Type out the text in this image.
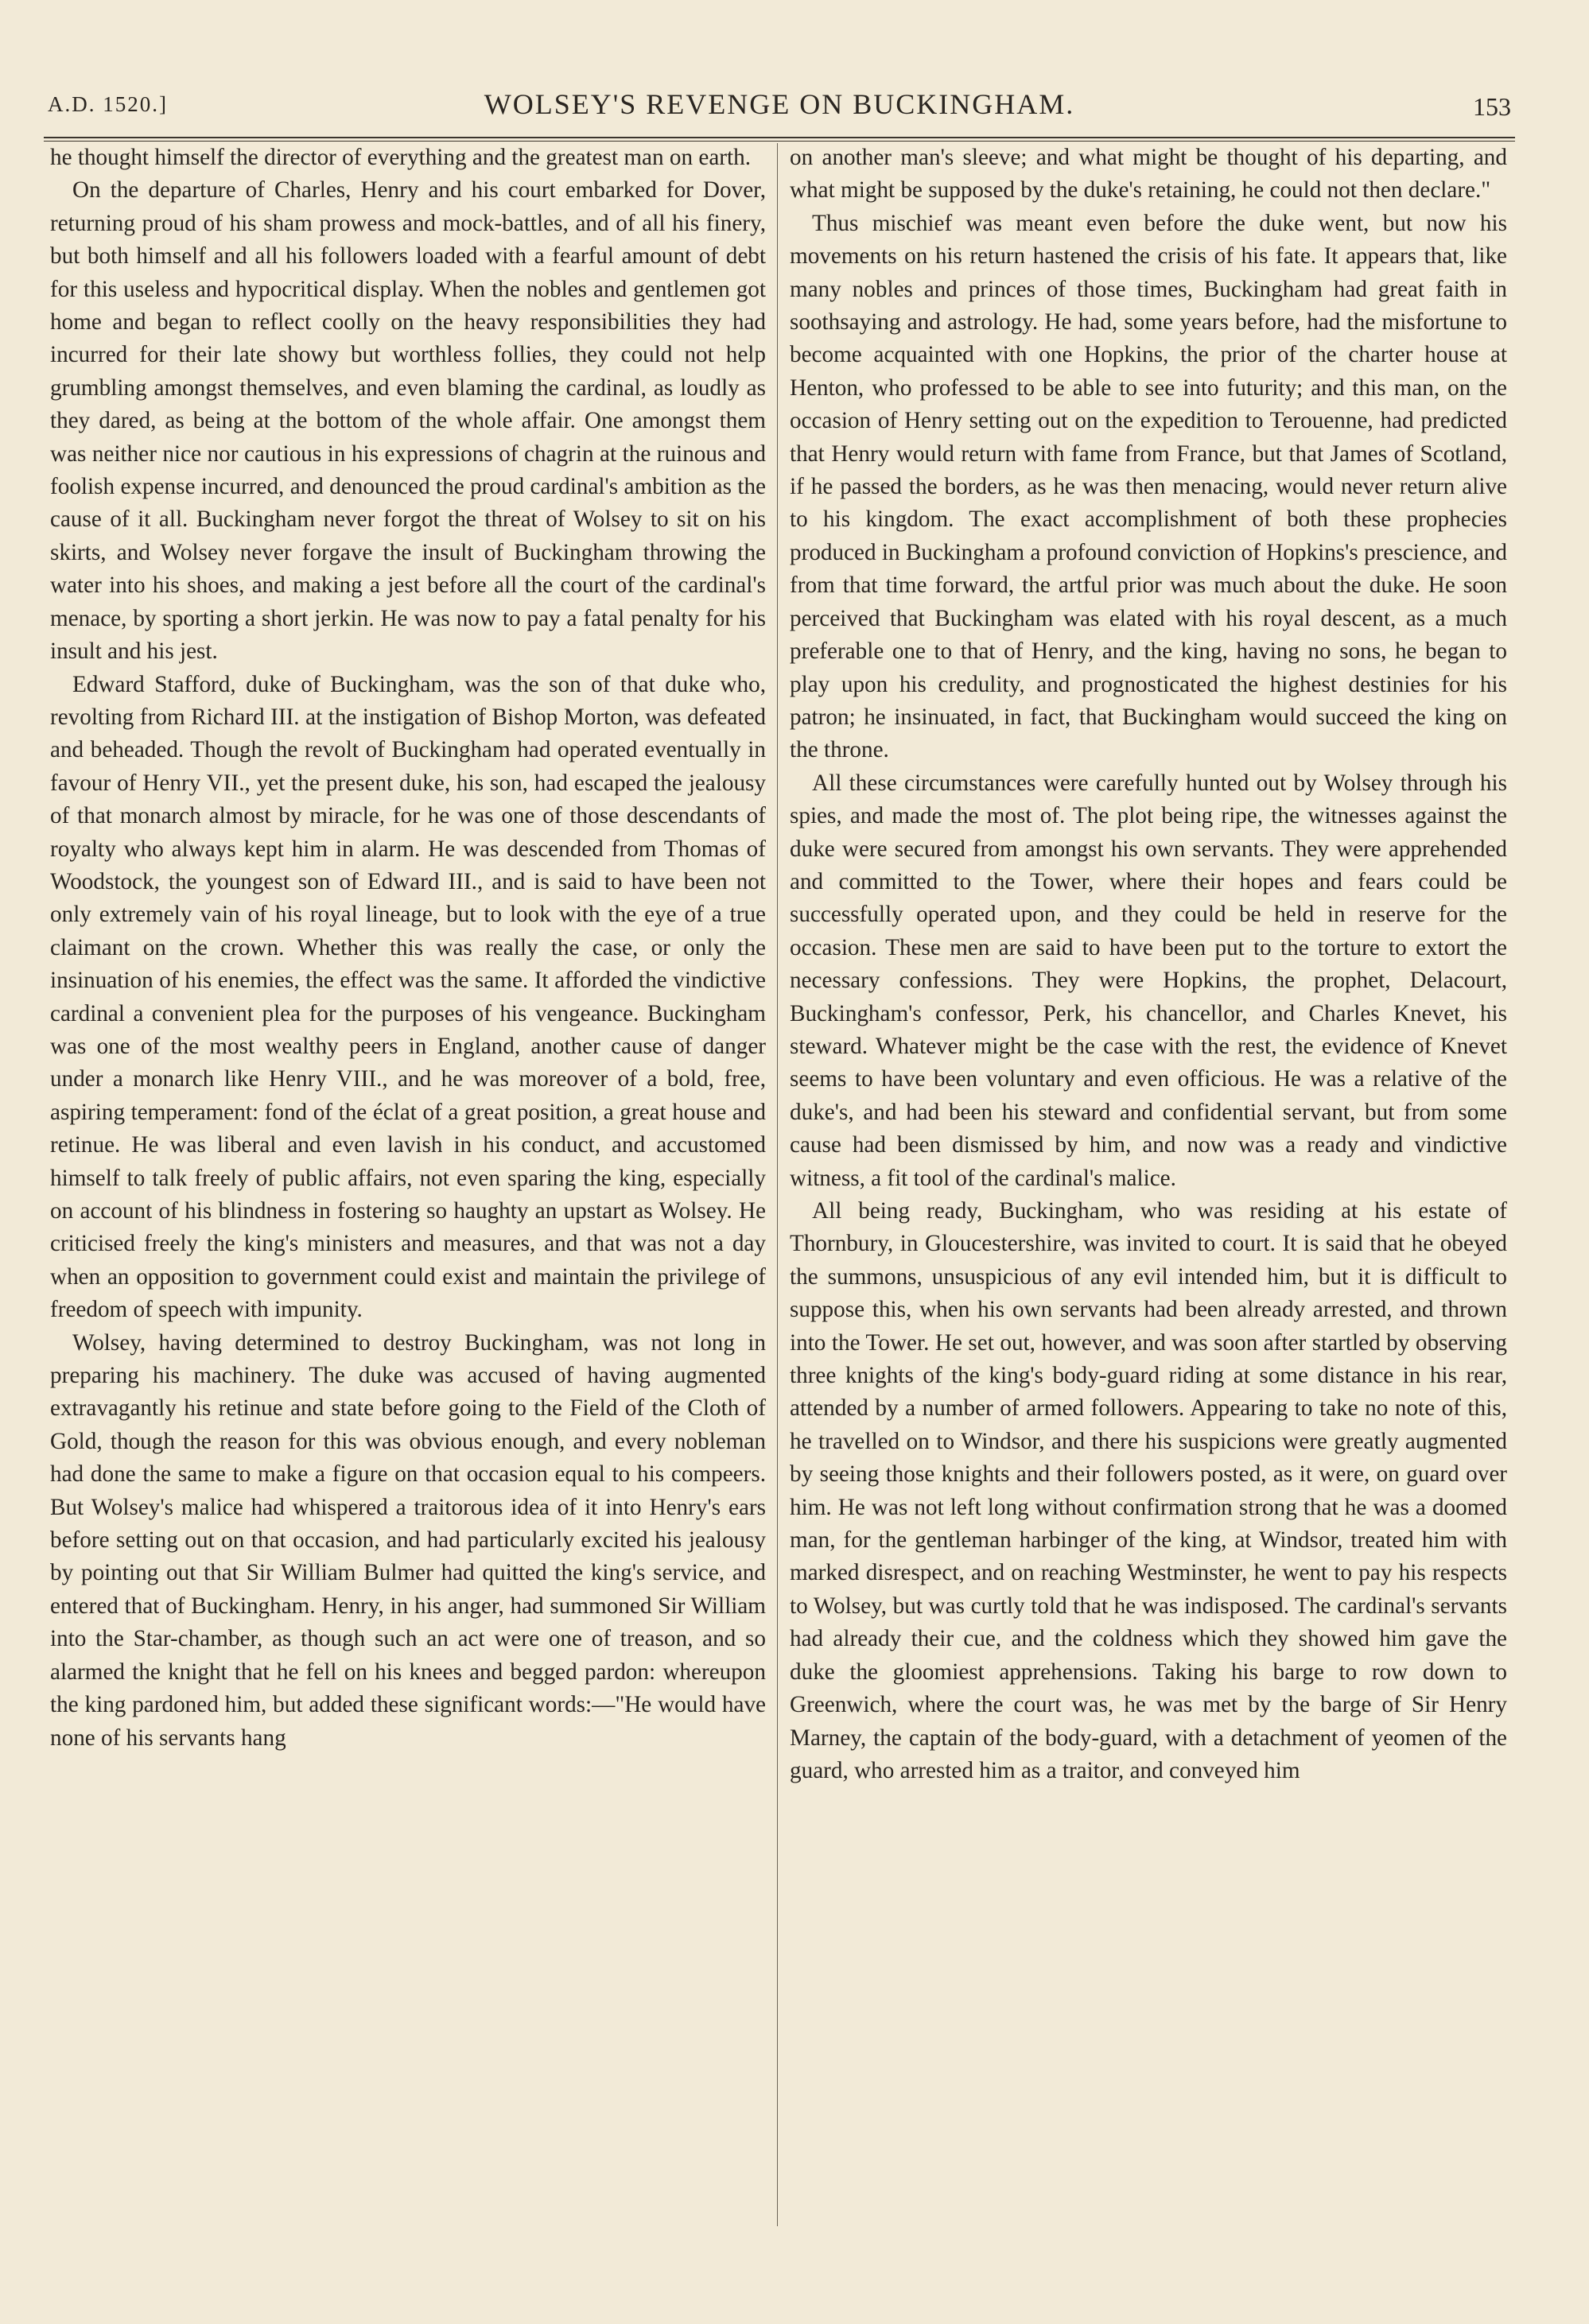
A.D. 1520.]	WOLSEY'S REVENGE ON BUCKINGHAM.	153

he thought himself the director of everything and the greatest man on earth.

On the departure of Charles, Henry and his court embarked for Dover, returning proud of his sham prowess and mock-battles, and of all his finery, but both himself and all his followers loaded with a fearful amount of debt for this useless and hypocritical display. When the nobles and gentlemen got home and began to reflect coolly on the heavy responsibilities they had incurred for their late showy but worthless follies, they could not help grumbling amongst themselves, and even blaming the cardinal, as loudly as they dared, as being at the bottom of the whole affair. One amongst them was neither nice nor cautious in his expressions of chagrin at the ruinous and foolish expense incurred, and denounced the proud cardinal's ambition as the cause of it all. Buckingham never forgot the threat of Wolsey to sit on his skirts, and Wolsey never forgave the insult of Buckingham throwing the water into his shoes, and making a jest before all the court of the cardinal's menace, by sporting a short jerkin. He was now to pay a fatal penalty for his insult and his jest.

Edward Stafford, duke of Buckingham, was the son of that duke who, revolting from Richard III. at the instigation of Bishop Morton, was defeated and beheaded. Though the revolt of Buckingham had operated eventually in favour of Henry VII., yet the present duke, his son, had escaped the jealousy of that monarch almost by miracle, for he was one of those descendants of royalty who always kept him in alarm. He was descended from Thomas of Woodstock, the youngest son of Edward III., and is said to have been not only extremely vain of his royal lineage, but to look with the eye of a true claimant on the crown. Whether this was really the case, or only the insinuation of his enemies, the effect was the same. It afforded the vindictive cardinal a convenient plea for the purposes of his vengeance. Buckingham was one of the most wealthy peers in England, another cause of danger under a monarch like Henry VIII., and he was moreover of a bold, free, aspiring temperament: fond of the éclat of a great position, a great house and retinue. He was liberal and even lavish in his conduct, and accustomed himself to talk freely of public affairs, not even sparing the king, especially on account of his blindness in fostering so haughty an upstart as Wolsey. He criticised freely the king's ministers and measures, and that was not a day when an opposition to government could exist and maintain the privilege of freedom of speech with impunity.

Wolsey, having determined to destroy Buckingham, was not long in preparing his machinery. The duke was accused of having augmented extravagantly his retinue and state before going to the Field of the Cloth of Gold, though the reason for this was obvious enough, and every nobleman had done the same to make a figure on that occasion equal to his compeers. But Wolsey's malice had whispered a traitorous idea of it into Henry's ears before setting out on that occasion, and had particularly excited his jealousy by pointing out that Sir William Bulmer had quitted the king's service, and entered that of Buckingham. Henry, in his anger, had summoned Sir William into the Star-chamber, as though such an act were one of treason, and so alarmed the knight that he fell on his knees and begged pardon: whereupon the king pardoned him, but added these significant words:—"He would have none of his servants hang

on another man's sleeve; and what might be thought of his departing, and what might be supposed by the duke's retaining, he could not then declare."

Thus mischief was meant even before the duke went, but now his movements on his return hastened the crisis of his fate. It appears that, like many nobles and princes of those times, Buckingham had great faith in soothsaying and astrology. He had, some years before, had the misfortune to become acquainted with one Hopkins, the prior of the charter house at Henton, who professed to be able to see into futurity; and this man, on the occasion of Henry setting out on the expedition to Terouenne, had predicted that Henry would return with fame from France, but that James of Scotland, if he passed the borders, as he was then menacing, would never return alive to his kingdom. The exact accomplishment of both these prophecies produced in Buckingham a profound conviction of Hopkins's prescience, and from that time forward, the artful prior was much about the duke. He soon perceived that Buckingham was elated with his royal descent, as a much preferable one to that of Henry, and the king, having no sons, he began to play upon his credulity, and prognosticated the highest destinies for his patron; he insinuated, in fact, that Buckingham would succeed the king on the throne.

All these circumstances were carefully hunted out by Wolsey through his spies, and made the most of. The plot being ripe, the witnesses against the duke were secured from amongst his own servants. They were apprehended and committed to the Tower, where their hopes and fears could be successfully operated upon, and they could be held in reserve for the occasion. These men are said to have been put to the torture to extort the necessary confessions. They were Hopkins, the prophet, Delacourt, Buckingham's confessor, Perk, his chancellor, and Charles Knevet, his steward. Whatever might be the case with the rest, the evidence of Knevet seems to have been voluntary and even officious. He was a relative of the duke's, and had been his steward and confidential servant, but from some cause had been dismissed by him, and now was a ready and vindictive witness, a fit tool of the cardinal's malice.

All being ready, Buckingham, who was residing at his estate of Thornbury, in Gloucestershire, was invited to court. It is said that he obeyed the summons, unsuspicious of any evil intended him, but it is difficult to suppose this, when his own servants had been already arrested, and thrown into the Tower. He set out, however, and was soon after startled by observing three knights of the king's body-guard riding at some distance in his rear, attended by a number of armed followers. Appearing to take no note of this, he travelled on to Windsor, and there his suspicions were greatly augmented by seeing those knights and their followers posted, as it were, on guard over him. He was not left long without confirmation strong that he was a doomed man, for the gentleman harbinger of the king, at Windsor, treated him with marked disrespect, and on reaching Westminster, he went to pay his respects to Wolsey, but was curtly told that he was indisposed. The cardinal's servants had already their cue, and the coldness which they showed him gave the duke the gloomiest apprehensions. Taking his barge to row down to Greenwich, where the court was, he was met by the barge of Sir Henry Marney, the captain of the body-guard, with a detachment of yeomen of the guard, who arrested him as a traitor, and conveyed him
